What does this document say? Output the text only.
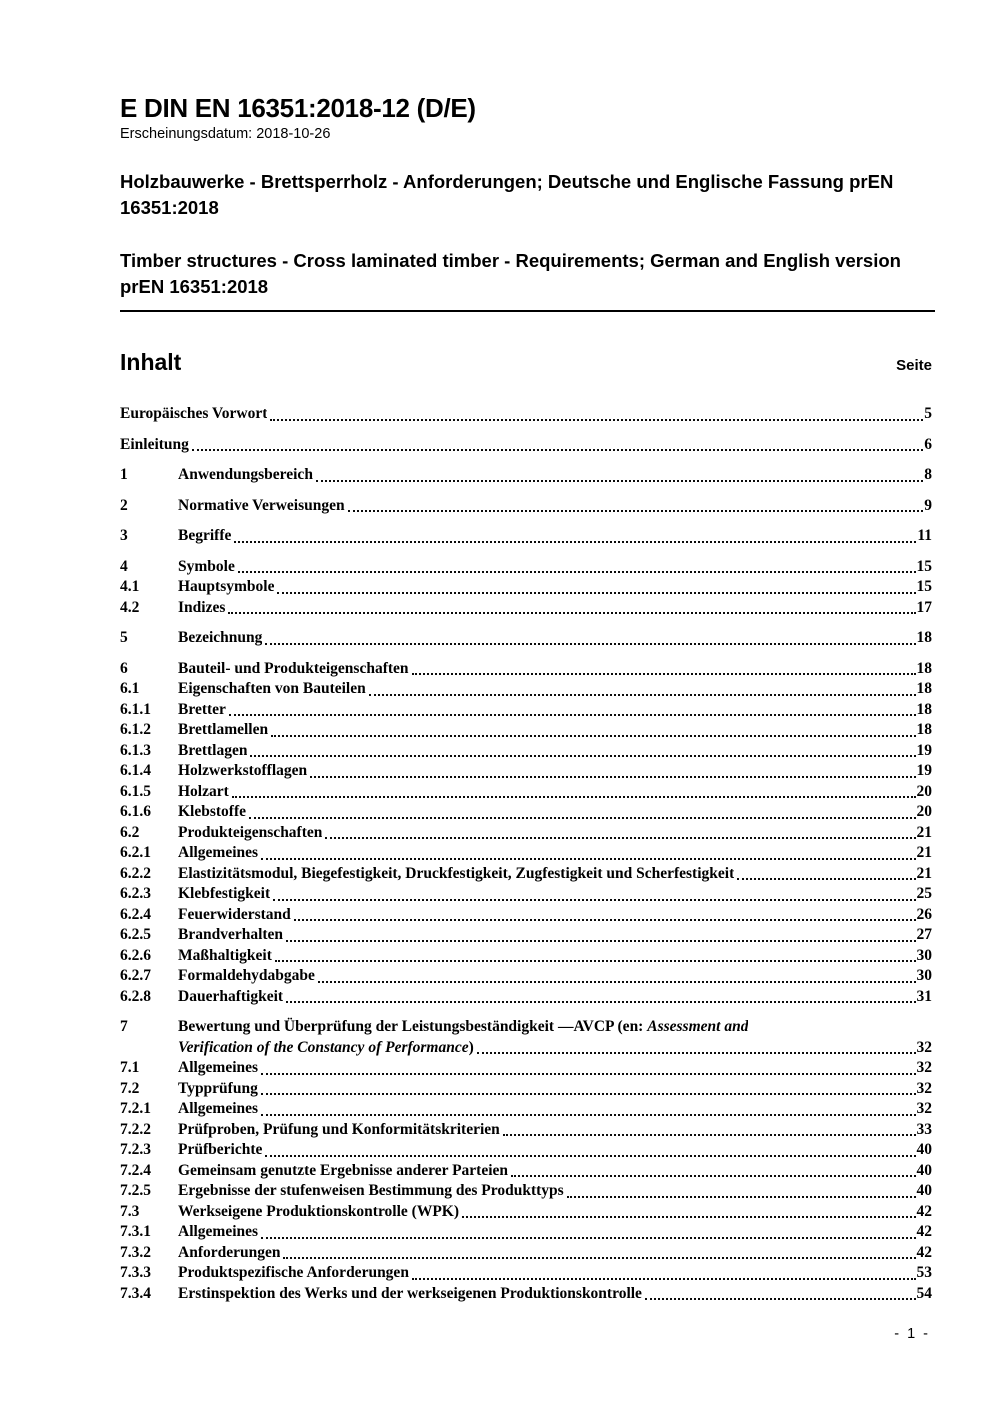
E DIN EN 16351:2018-12 (D/E)

Erscheinungsdatum: 2018-10-26

Holzbauwerke - Brettsperrholz - Anforderungen; Deutsche und Englische Fassung prEN 16351:2018

Timber structures - Cross laminated timber - Requirements; German and English version prEN 16351:2018

Inhalt	Seite
Europäisches Vorwort	5
Einleitung	6
1	Anwendungsbereich	8
2	Normative Verweisungen	9
3	Begriffe	11
4	Symbole	15
4.1	Hauptsymbole	15
4.2	Indizes	17
5	Bezeichnung	18
6	Bauteil- und Produkteigenschaften	18
6.1	Eigenschaften von Bauteilen	18
6.1.1	Bretter	18
6.1.2	Brettlamellen	18
6.1.3	Brettlagen	19
6.1.4	Holzwerkstofflagen	19
6.1.5	Holzart	20
6.1.6	Klebstoffe	20
6.2	Produkteigenschaften	21
6.2.1	Allgemeines	21
6.2.2	Elastizitätsmodul, Biegefestigkeit, Druckfestigkeit, Zugfestigkeit und Scherfestigkeit	21
6.2.3	Klebfestigkeit	25
6.2.4	Feuerwiderstand	26
6.2.5	Brandverhalten	27
6.2.6	Maßhaltigkeit	30
6.2.7	Formaldehydabgabe	30
6.2.8	Dauerhaftigkeit	31
7	Bewertung und Überprüfung der Leistungsbeständigkeit —AVCP (en: Assessment and
Verification of the Constancy of Performance)	32
7.1	Allgemeines	32
7.2	Typprüfung	32
7.2.1	Allgemeines	32
7.2.2	Prüfproben, Prüfung und Konformitätskriterien	33
7.2.3	Prüfberichte	40
7.2.4	Gemeinsam genutzte Ergebnisse anderer Parteien	40
7.2.5	Ergebnisse der stufenweisen Bestimmung des Produkttyps	40
7.3	Werkseigene Produktionskontrolle (WPK)	42
7.3.1	Allgemeines	42
7.3.2	Anforderungen	42
7.3.3	Produktspezifische Anforderungen	53
7.3.4	Erstinspektion des Werks und der werkseigenen Produktionskontrolle	54
- 1 -
